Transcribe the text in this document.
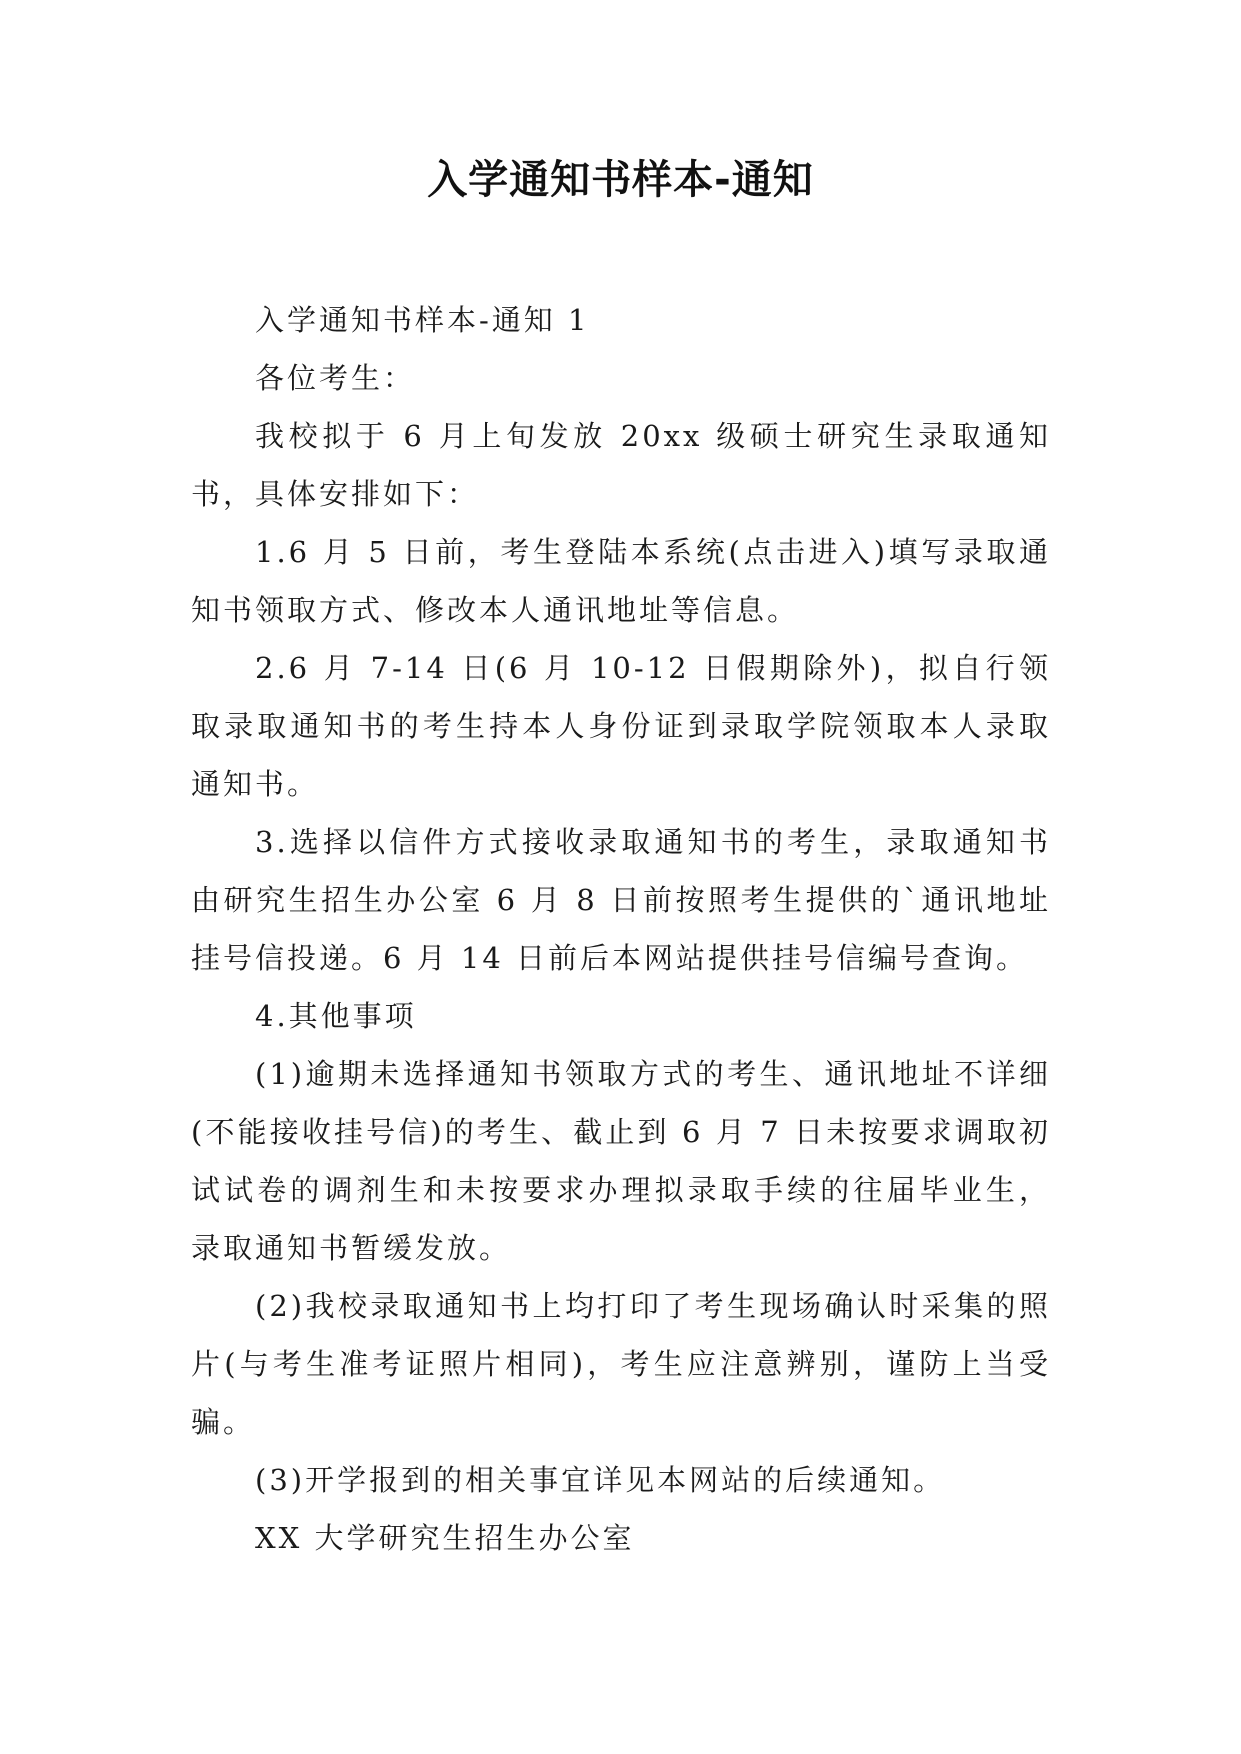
入学通知书样本-通知

入学通知书样本-通知 1

各位考生：

我校拟于 6 月上旬发放 20xx 级硕士研究生录取通知书，具体安排如下：

1.6 月 5 日前，考生登陆本系统(点击进入)填写录取通知书领取方式、修改本人通讯地址等信息。

2.6 月 7-14 日(6 月 10-12 日假期除外)，拟自行领取录取通知书的考生持本人身份证到录取学院领取本人录取通知书。

3.选择以信件方式接收录取通知书的考生，录取通知书由研究生招生办公室 6 月 8 日前按照考生提供的`通讯地址挂号信投递。6 月 14 日前后本网站提供挂号信编号查询。

4.其他事项

(1)逾期未选择通知书领取方式的考生、通讯地址不详细(不能接收挂号信)的考生、截止到 6 月 7 日未按要求调取初试试卷的调剂生和未按要求办理拟录取手续的往届毕业生，录取通知书暂缓发放。

(2)我校录取通知书上均打印了考生现场确认时采集的照片(与考生准考证照片相同)，考生应注意辨别，谨防上当受骗。

(3)开学报到的相关事宜详见本网站的后续通知。

XX 大学研究生招生办公室
